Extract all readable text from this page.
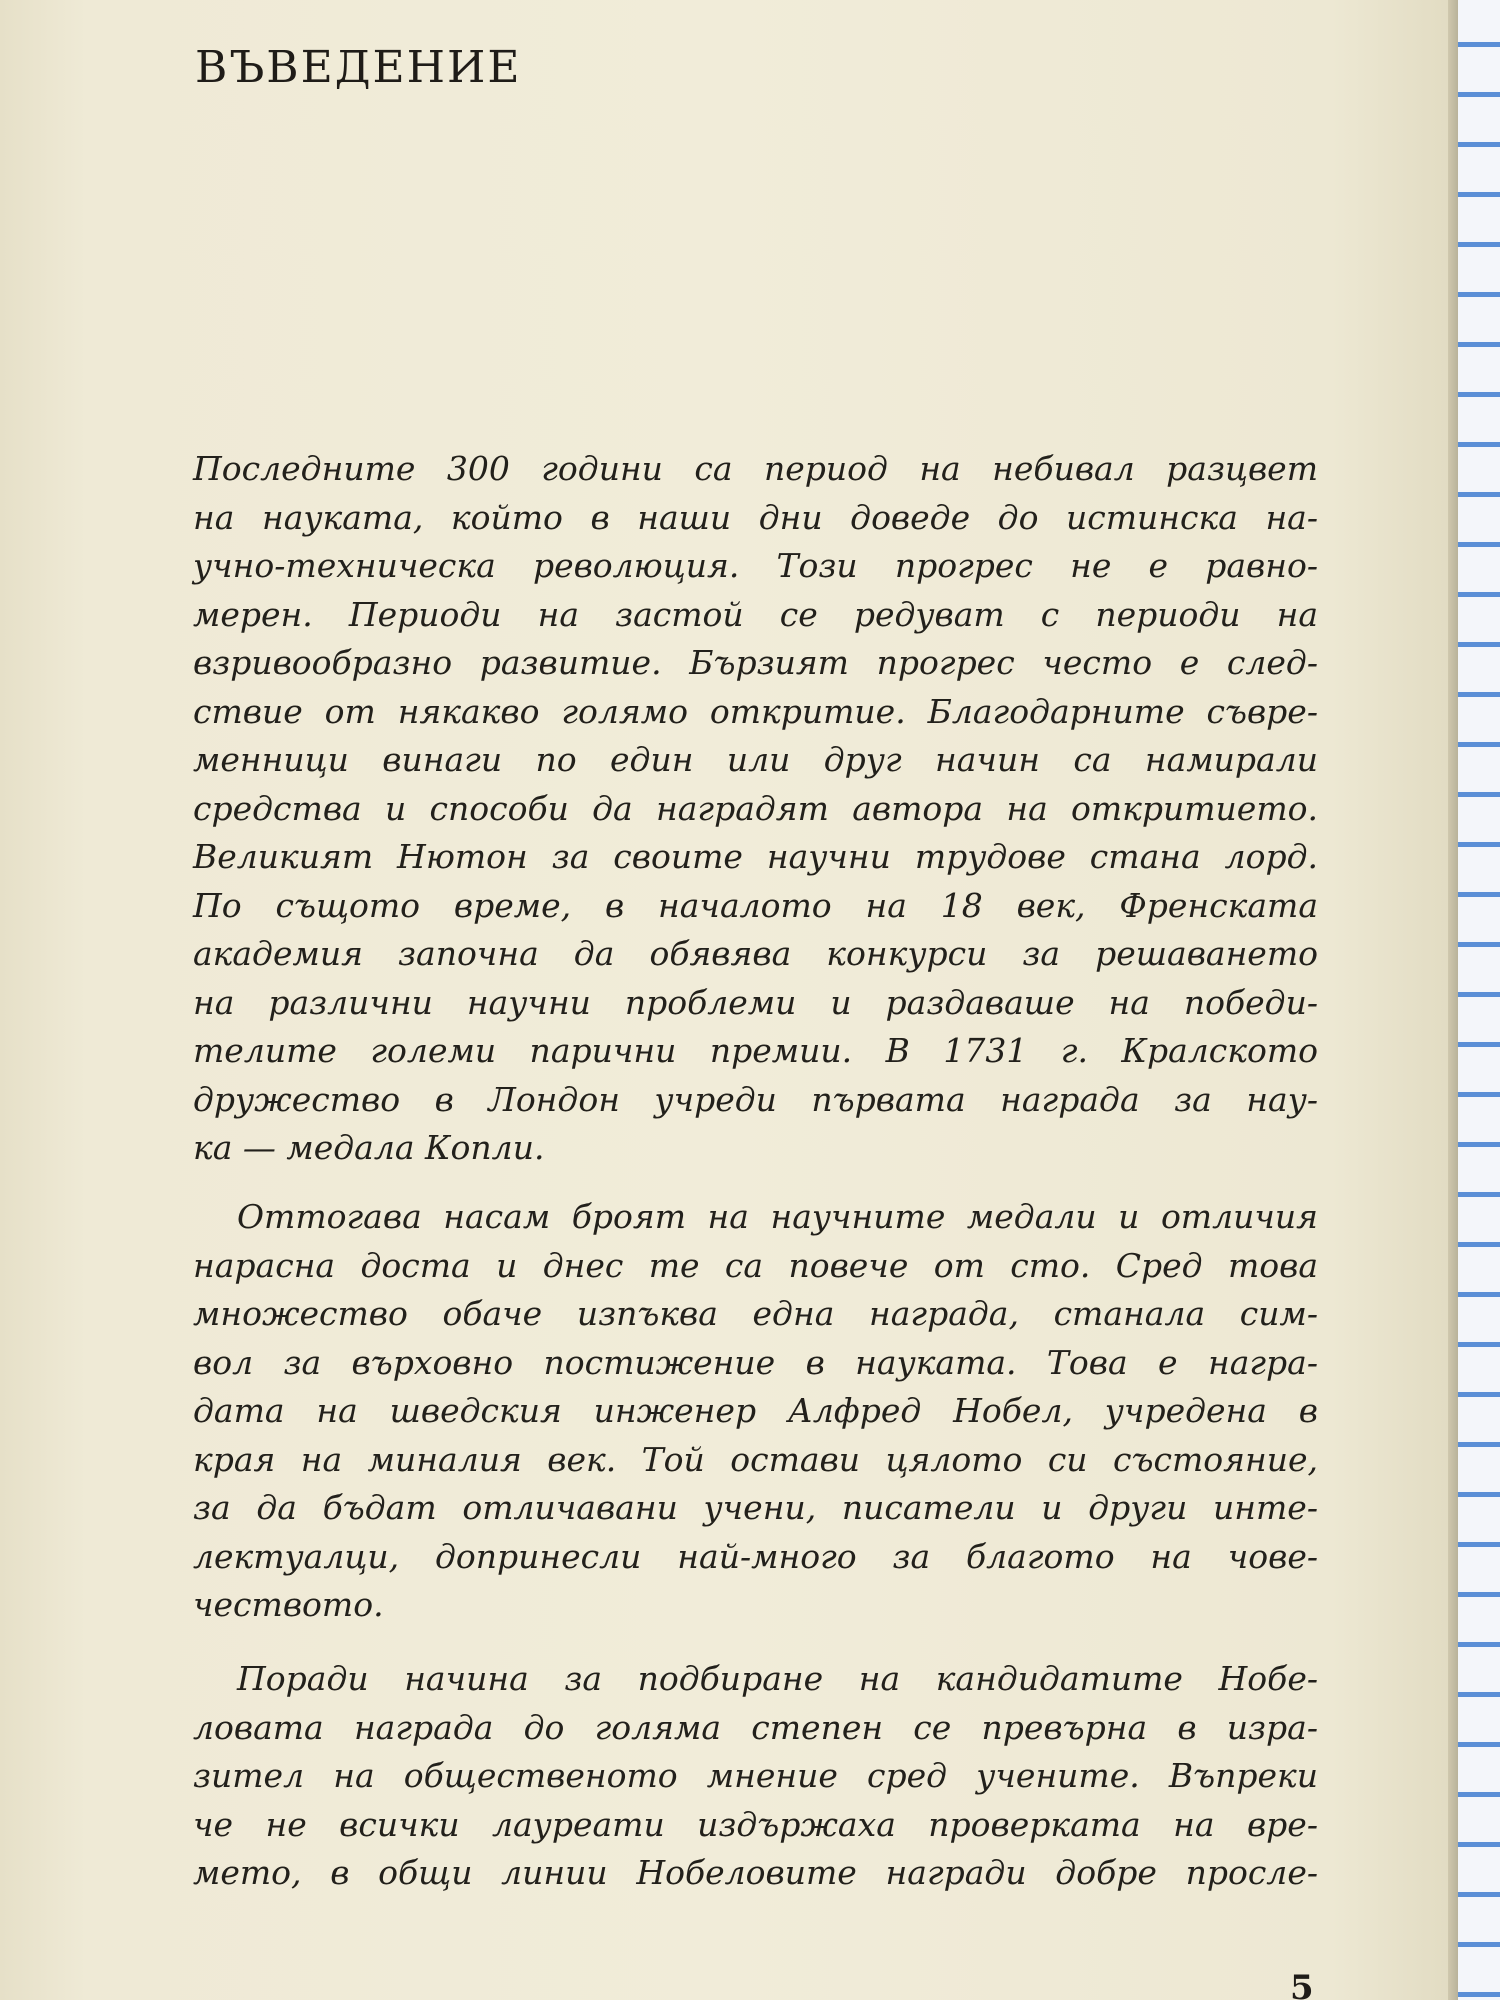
ВЪВЕДЕНИЕ

Последните 300 години са период на небивал разцвет
на науката, който в наши дни доведе до истинска на-
учно-техническа революция. Този прогрес не е равно-
мерен. Периоди на застой се редуват с периоди на
взривообразно развитие. Бързият прогрес често е след-
ствие от някакво голямо откритие. Благодарните съвре-
менници винаги по един или друг начин са намирали
средства и способи да наградят автора на откритието.
Великият Нютон за своите научни трудове стана лорд.
По същото време, в началото на 18 век, Френската
академия започна да обявява конкурси за решаването
на различни научни проблеми и раздаваше на победи-
телите големи парични премии. В 1731 г. Кралското
дружество в Лондон учреди първата награда за нау-
ка — медала Копли.

Оттогава насам броят на научните медали и отличия
нарасна доста и днес те са повече от сто. Сред това
множество обаче изпъква една награда, станала сим-
вол за върховно постижение в науката. Това е награ-
дата на шведския инженер Алфред Нобел, учредена в
края на миналия век. Той остави цялото си състояние,
за да бъдат отличавани учени, писатели и други инте-
лектуалци, допринесли най-много за благото на чове-
чеството.

Поради начина за подбиране на кандидатите Нобе-
ловата награда до голяма степен се превърна в изра-
зител на общественото мнение сред учените. Въпреки
че не всички лауреати издържаха проверката на вре-
мето, в общи линии Нобеловите награди добре просле-

5
